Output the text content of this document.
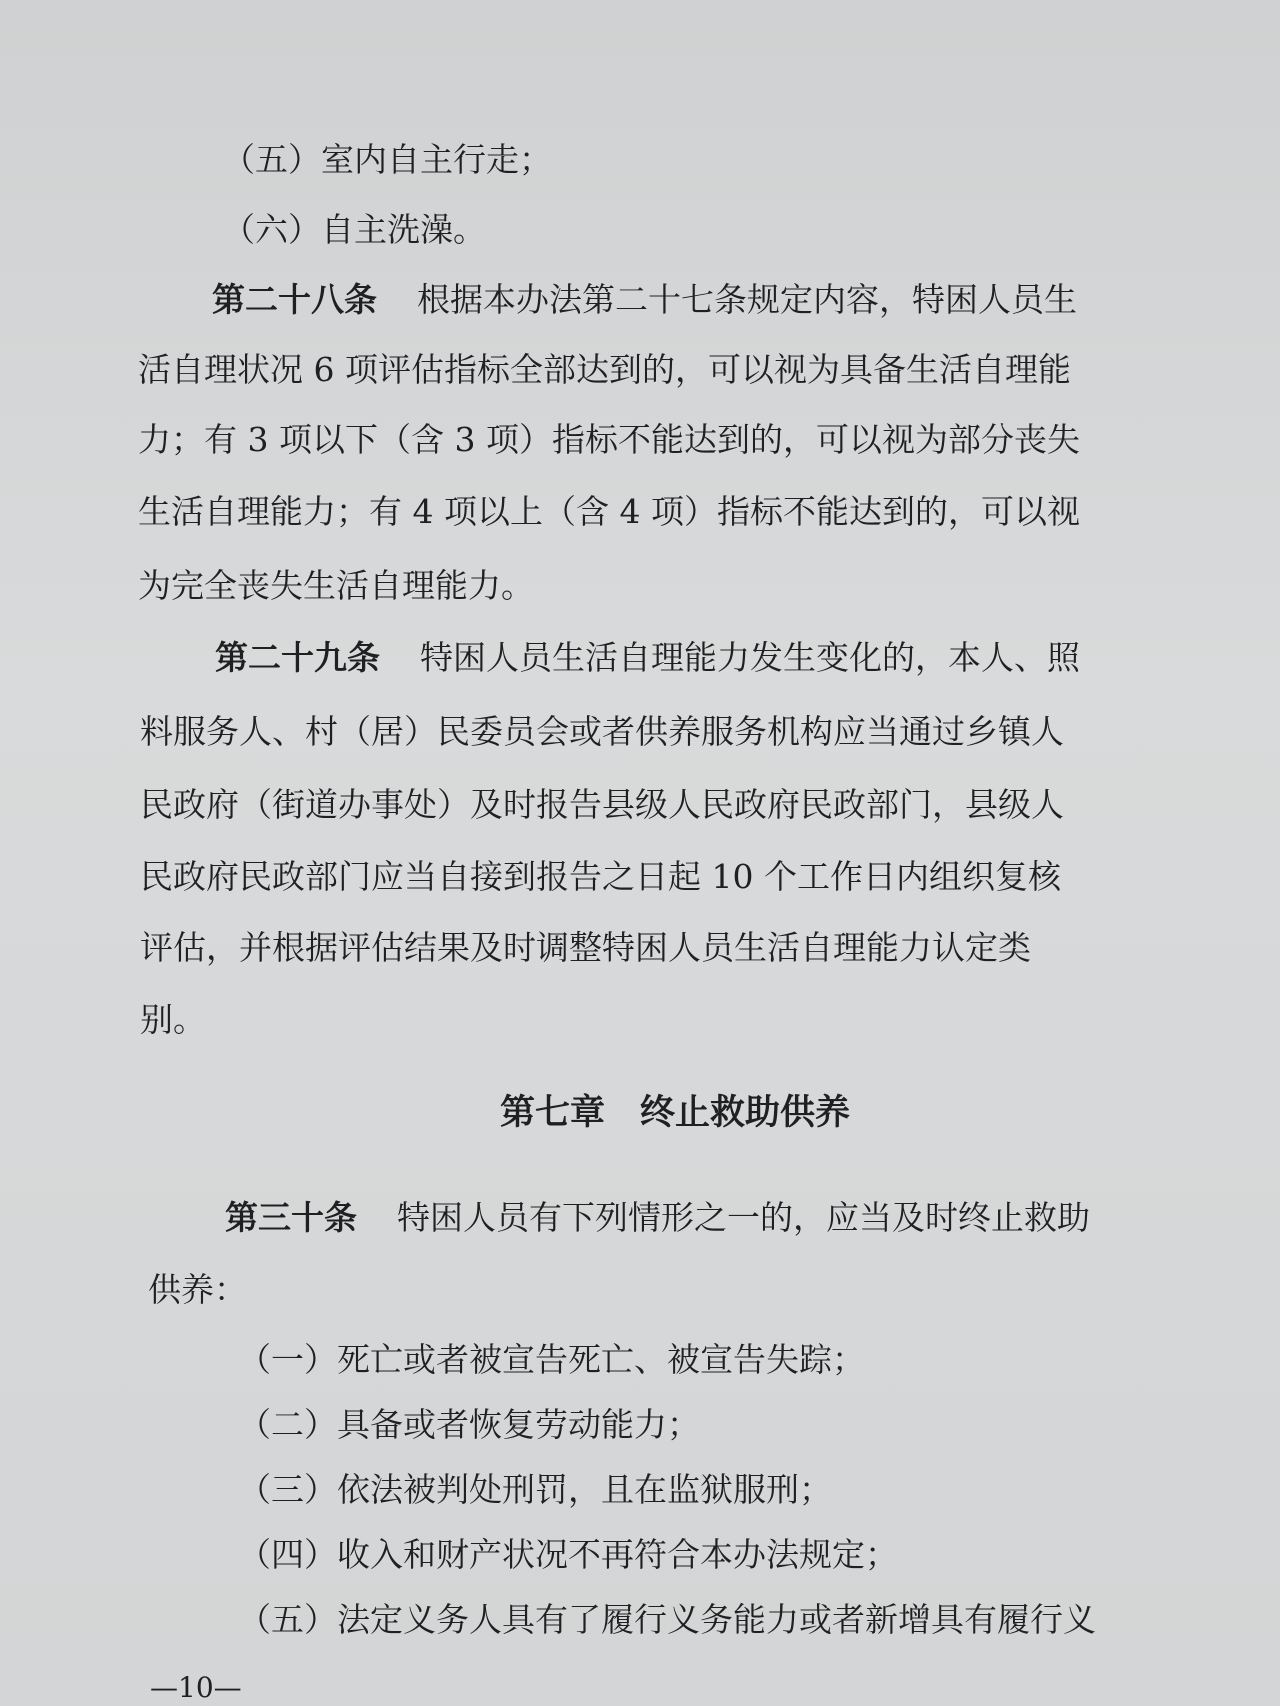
（五）室内自主行走；
（六）自主洗澡。
第二十八条 根据本办法第二十七条规定内容，特困人员生
活自理状况 6 项评估指标全部达到的，可以视为具备生活自理能
力；有 3 项以下（含 3 项）指标不能达到的，可以视为部分丧失
生活自理能力；有 4 项以上（含 4 项）指标不能达到的，可以视
为完全丧失生活自理能力。
第二十九条 特困人员生活自理能力发生变化的，本人、照
料服务人、村（居）民委员会或者供养服务机构应当通过乡镇人
民政府（街道办事处）及时报告县级人民政府民政部门，县级人
民政府民政部门应当自接到报告之日起 10 个工作日内组织复核
评估，并根据评估结果及时调整特困人员生活自理能力认定类
别。
第七章　终止救助供养
第三十条 特困人员有下列情形之一的，应当及时终止救助
供养：
（一）死亡或者被宣告死亡、被宣告失踪；
（二）具备或者恢复劳动能力；
（三）依法被判处刑罚，且在监狱服刑；
（四）收入和财产状况不再符合本办法规定；
（五）法定义务人具有了履行义务能力或者新增具有履行义
—10—
